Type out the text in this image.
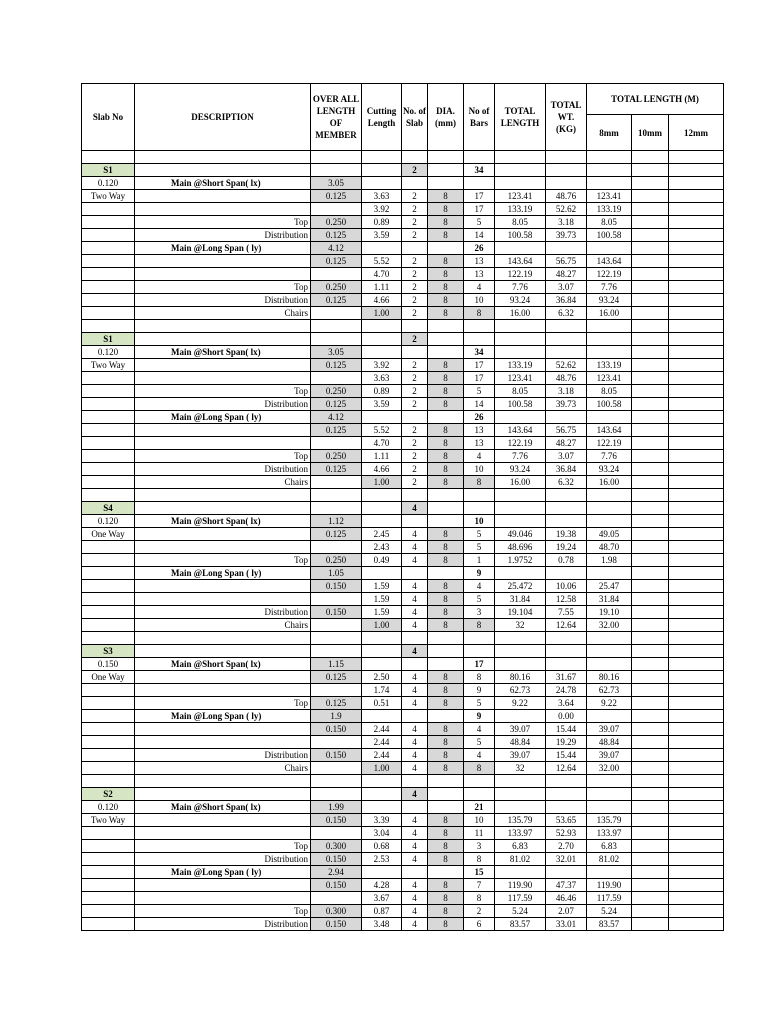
Slab No	DESCRIPTION	OVER ALL LENGTH OF MEMBER	Cutting Length	No. of Slab	DIA. (mm)	No of Bars	TOTAL LENGTH	TOTAL WT. (KG)	TOTAL LENGTH (M)		
									8mm	10mm	12mm

S1				2		34					
0.120	Main @Short Span( lx)	3.05									
Two Way		0.125	3.63	2	8	17	123.41	48.76	123.41		
			3.92	2	8	17	133.19	52.62	133.19		
	Top	0.250	0.89	2	8	5	8.05	3.18	8.05		
	Distribution	0.125	3.59	2	8	14	100.58	39.73	100.58		
	Main @Long Span ( ly)	4.12				26					
		0.125	5.52	2	8	13	143.64	56.75	143.64		
			4.70	2	8	13	122.19	48.27	122.19		
	Top	0.250	1.11	2	8	4	7.76	3.07	7.76		
	Distribution	0.125	4.66	2	8	10	93.24	36.84	93.24		
	Chairs		1.00	2	8	8	16.00	6.32	16.00		

S1				2							
0.120	Main @Short Span( lx)	3.05				34					
Two Way		0.125	3.92	2	8	17	133.19	52.62	133.19		
			3.63	2	8	17	123.41	48.76	123.41		
	Top	0.250	0.89	2	8	5	8.05	3.18	8.05		
	Distribution	0.125	3.59	2	8	14	100.58	39.73	100.58		
	Main @Long Span ( ly)	4.12				26					
		0.125	5.52	2	8	13	143.64	56.75	143.64		
			4.70	2	8	13	122.19	48.27	122.19		
	Top	0.250	1.11	2	8	4	7.76	3.07	7.76		
	Distribution	0.125	4.66	2	8	10	93.24	36.84	93.24		
	Chairs		1.00	2	8	8	16.00	6.32	16.00		

S4				4							
0.120	Main @Short Span( lx)	1.12				10					
One Way		0.125	2.45	4	8	5	49.046	19.38	49.05		
			2.43	4	8	5	48.696	19.24	48.70		
	Top	0.250	0.49	4	8	1	1.9752	0.78	1.98		
	Main @Long Span ( ly)	1.05				9					
		0.150	1.59	4	8	4	25.472	10.06	25.47		
			1.59	4	8	5	31.84	12.58	31.84		
	Distribution	0.150	1.59	4	8	3	19.104	7.55	19.10		
	Chairs		1.00	4	8	8	32	12.64	32.00		

S3				4							
0.150	Main @Short Span( lx)	1.15				17					
One Way		0.125	2.50	4	8	8	80.16	31.67	80.16		
			1.74	4	8	9	62.73	24.78	62.73		
	Top	0.125	0.51	4	8	5	9.22	3.64	9.22		
	Main @Long Span ( ly)	1.9				9		0.00			
		0.150	2.44	4	8	4	39.07	15.44	39.07		
			2.44	4	8	5	48.84	19.29	48.84		
	Distribution	0.150	2.44	4	8	4	39.07	15.44	39.07		
	Chairs		1.00	4	8	8	32	12.64	32.00		

S2				4							
0.120	Main @Short Span( lx)	1.99				21					
Two Way		0.150	3.39	4	8	10	135.79	53.65	135.79		
			3.04	4	8	11	133.97	52.93	133.97		
	Top	0.300	0.68	4	8	3	6.83	2.70	6.83		
	Distribution	0.150	2.53	4	8	8	81.02	32.01	81.02		
	Main @Long Span ( ly)	2.94				15					
		0.150	4.28	4	8	7	119.90	47.37	119.90		
			3.67	4	8	8	117.59	46.46	117.59		
	Top	0.300	0.87	4	8	2	5.24	2.07	5.24		
	Distribution	0.150	3.48	4	8	6	83.57	33.01	83.57		
